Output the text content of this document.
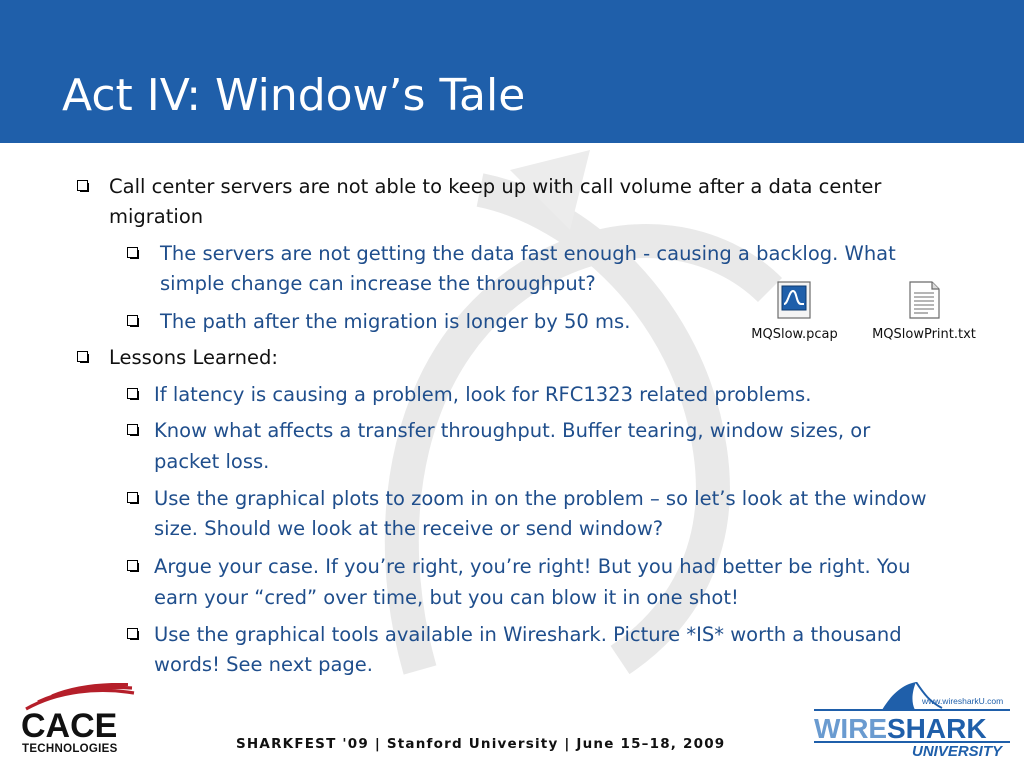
Act IV: Window’s Tale
Call center servers are not able to keep up with call volume after a data center
migration
The servers are not getting the data fast enough - causing a backlog. What
simple change can increase the throughput?
The path after the migration is longer by 50 ms.
Lessons Learned:
If latency is causing a problem, look for RFC1323 related problems.
Know what affects a transfer throughput. Buffer tearing, window sizes, or
packet loss.
Use the graphical plots to zoom in on the problem – so let’s look at the window
size. Should we look at the receive or send window?
Argue your case. If you’re right, you’re right! But you had better be right. You
earn your “cred” over time, but you can blow it in one shot!
Use the graphical tools available in Wireshark. Picture *IS* worth a thousand
words! See next page.
MQSlow.pcap	MQSlowPrint.txt
CACE
TECHNOLOGIES	SHARKFEST '09 | Stanford University | June 15–18, 2009
www.wiresharkU.com
WIRE SHARK
UNIVERSITY
